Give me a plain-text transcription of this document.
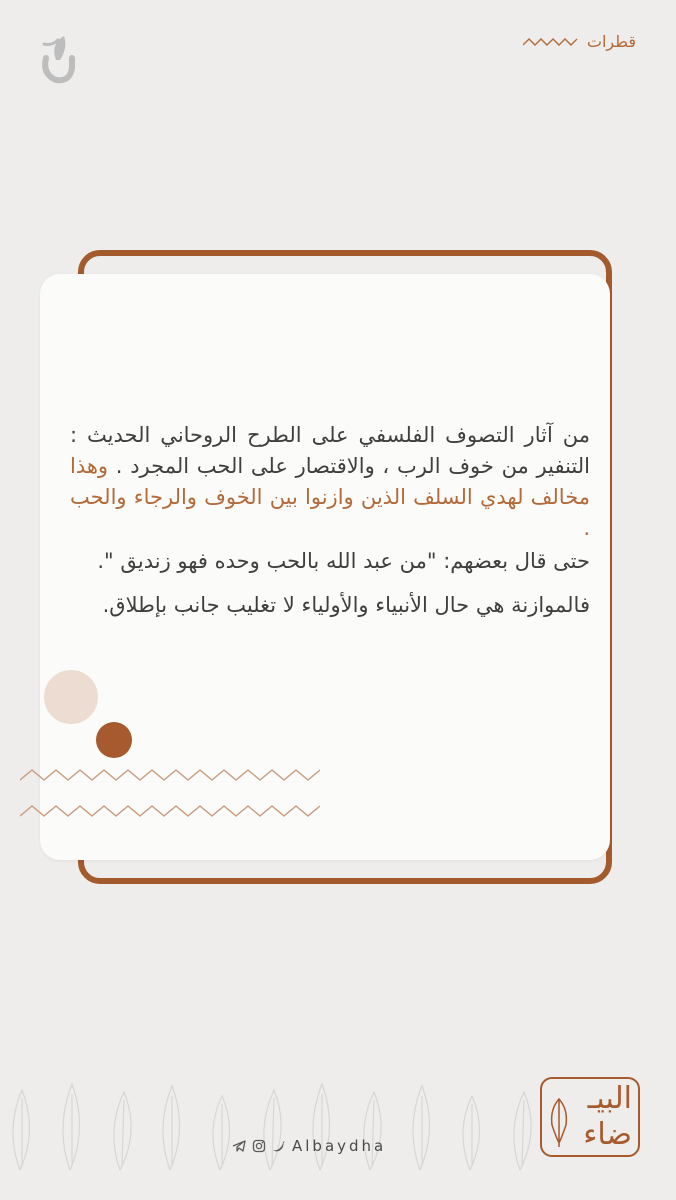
قطرات

من آثار التصوف الفلسفي على الطرح الروحاني الحديث : التنفير من خوف الرب ، والاقتصار على الحب المجرد . وهذا مخالف لهدي السلف الذين وازنوا بين الخوف والرجاء والحب .

حتى قال بعضهم: "من عبد الله بالحب وحده فهو زنديق ".

فالموازنة هي حال الأنبياء والأولياء لا تغليب جانب بإطلاق.

Albaydha
البيـ ضاء
